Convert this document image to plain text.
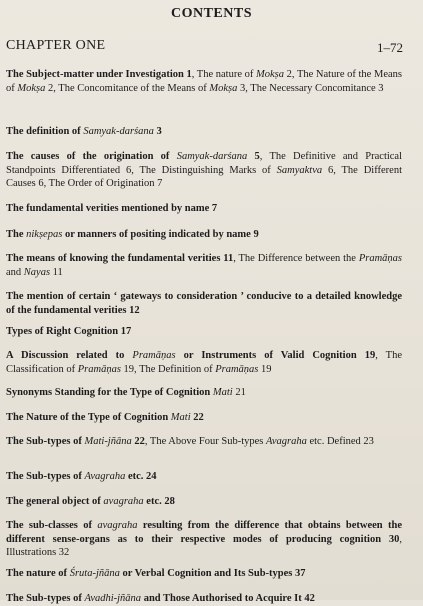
CONTENTS
CHAPTER ONE	1–72
The Subject-matter under Investigation 1, The nature of Mokṣa 2, The Nature of the Means of Mokṣa 2, The Concomitance of the Means of Mokṣa 3, The Necessary Concomitance 3
The definition of Samyak-darśana 3
The causes of the origination of Samyak-darśana 5, The Definitive and Practical Standpoints Differentiated 6, The Distinguishing Marks of Samyaktva 6, The Different Causes 6, The Order of Origination 7
The fundamental verities mentioned by name 7
The nikṣepas or manners of positing indicated by name 9
The means of knowing the fundamental verities 11, The Difference between the Pramāṇas and Nayas 11
The mention of certain ‘ gateways to consideration ’ conducive to a detailed knowledge of the fundamental verities 12
Types of Right Cognition 17
A Discussion related to Pramāṇas or Instruments of Valid Cognition 19, The Classification of Pramāṇas 19, The Definition of Pramāṇas 19
Synonyms Standing for the Type of Cognition Mati 21
The Nature of the Type of Cognition Mati 22
The Sub-types of Mati-jñāna 22, The Above Four Sub-types Avagraha etc. Defined 23
The Sub-types of Avagraha etc. 24
The general object of avagraha etc. 28
The sub-classes of avagraha resulting from the difference that obtains between the different sense-organs as to their respective modes of producing cognition 30, Illustrations 32
The nature of Śruta-jñāna or Verbal Cognition and Its Sub-types 37
The Sub-types of Avadhi-jñāna and Those Authorised to Acquire It 42
